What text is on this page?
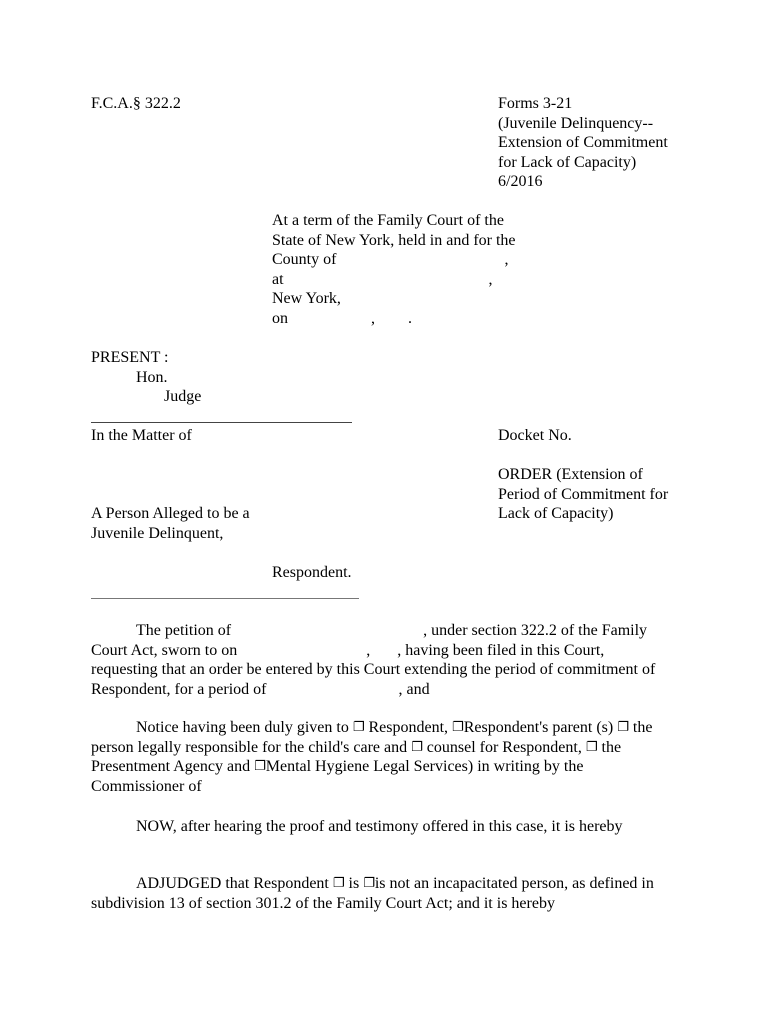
F.C.A.§ 322.2	Forms 3-21
(Juvenile Delinquency--
Extension of Commitment
for Lack of Capacity)
6/2016
At a term of the Family Court of the
State of New York, held in and for the
County of	,
at	,
New York,
on	, .
PRESENT :
Hon.
Judge
In the Matter of	Docket No.
ORDER (Extension of
Period of Commitment for
Lack of Capacity)
A Person Alleged to be a
Juvenile Delinquent,
Respondent.
The petition of	, under section 322.2 of the Family
Court Act, sworn to on	, , having been filed in this Court,
requesting that an order be entered by this Court extending the period of commitment of
Respondent, for a period of	, and
Notice having been duly given to ❐ Respondent, ❐Respondent's parent (s) ❐ the
person legally responsible for the child's care and ❐ counsel for Respondent, ❐ the
Presentment Agency and ❐Mental Hygiene Legal Services) in writing by the
Commissioner of
NOW, after hearing the proof and testimony offered in this case, it is hereby
ADJUDGED that Respondent ❐ is ❐is not an incapacitated person, as defined in
subdivision 13 of section 301.2 of the Family Court Act; and it is hereby
